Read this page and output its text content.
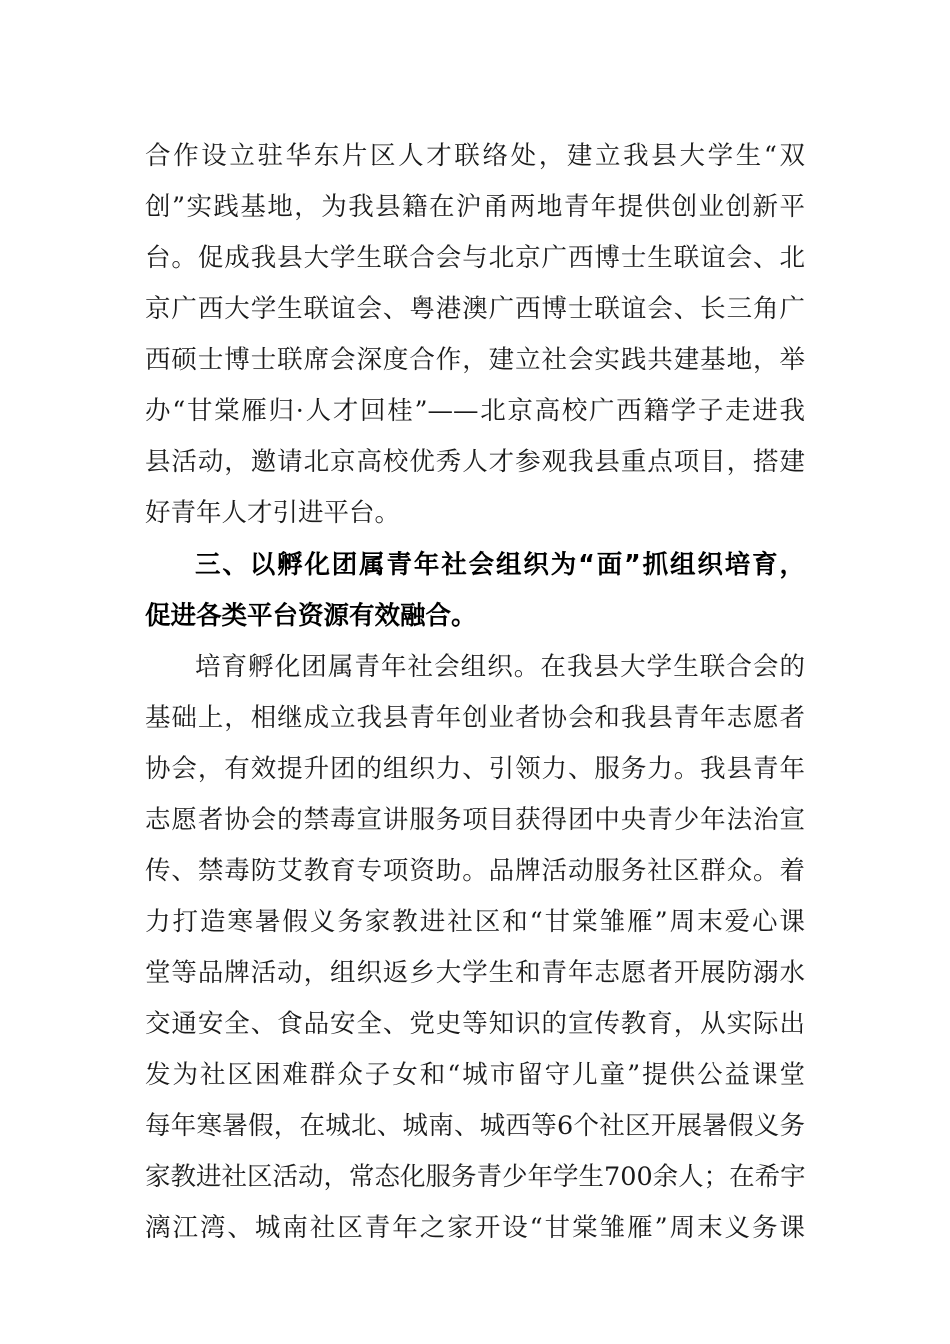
合作设立驻华东片区人才联络处，建立我县大学生“双
创”实践基地，为我县籍在沪甬两地青年提供创业创新平
台。促成我县大学生联合会与北京广西博士生联谊会、北
京广西大学生联谊会、粤港澳广西博士联谊会、长三角广
西硕士博士联席会深度合作，建立社会实践共建基地，举
办“甘棠雁归·人才回桂”——北京高校广西籍学子走进我
县活动，邀请北京高校优秀人才参观我县重点项目，搭建
好青年人才引进平台。
三、以孵化团属青年社会组织为“面”抓组织培育，
促进各类平台资源有效融合。
培育孵化团属青年社会组织。在我县大学生联合会的
基础上，相继成立我县青年创业者协会和我县青年志愿者
协会，有效提升团的组织力、引领力、服务力。我县青年
志愿者协会的禁毒宣讲服务项目获得团中央青少年法治宣
传、禁毒防艾教育专项资助。品牌活动服务社区群众。着
力打造寒暑假义务家教进社区和“甘棠雏雁”周末爱心课
堂等品牌活动，组织返乡大学生和青年志愿者开展防溺水
交通安全、食品安全、党史等知识的宣传教育，从实际出
发为社区困难群众子女和“城市留守儿童”提供公益课堂
每年寒暑假，在城北、城南、城西等6个社区开展暑假义务
家教进社区活动，常态化服务青少年学生700余人；在希宇
漓江湾、城南社区青年之家开设“甘棠雏雁”周末义务课
